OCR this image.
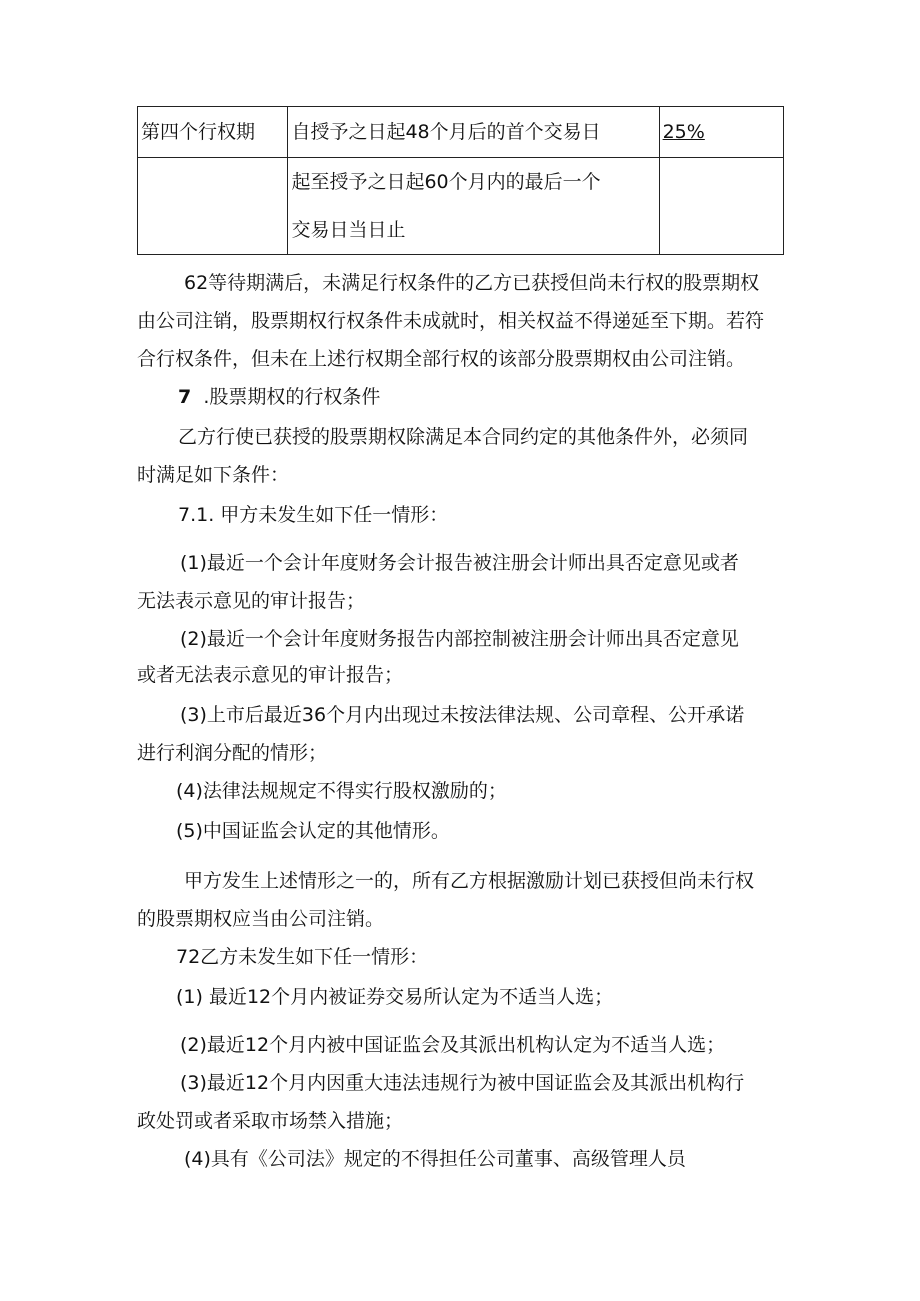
第四个行权期	自授予之日起48个月后的首个交易日	25%

	起至授予之日起60个月内的最后一个
交易日当日止	

62等待期满后，未满足行权条件的乙方已获授但尚未行权的股票期权

由公司注销，股票期权行权条件未成就时，相关权益不得递延至下期。若符

合行权条件，但未在上述行权期全部行权的该部分股票期权由公司注销。

7 .股票期权的行权条件

乙方行使已获授的股票期权除满足本合同约定的其他条件外，必须同

时满足如下条件：

7.1. 甲方未发生如下任一情形：

(1)最近一个会计年度财务会计报告被注册会计师出具否定意见或者

无法表示意见的审计报告；

(2)最近一个会计年度财务报告内部控制被注册会计师出具否定意见

或者无法表示意见的审计报告；

(3)上市后最近36个月内出现过未按法律法规、公司章程、公开承诺

进行利润分配的情形；

(4)法律法规规定不得实行股权激励的；

(5)中国证监会认定的其他情形。

甲方发生上述情形之一的，所有乙方根据激励计划已获授但尚未行权

的股票期权应当由公司注销。

72乙方未发生如下任一情形：

(1) 最近12个月内被证券交易所认定为不适当人选；

(2)最近12个月内被中国证监会及其派出机构认定为不适当人选；

(3)最近12个月内因重大违法违规行为被中国证监会及其派出机构行

政处罚或者采取市场禁入措施；

(4)具有《公司法》规定的不得担任公司董事、高级管理人员
